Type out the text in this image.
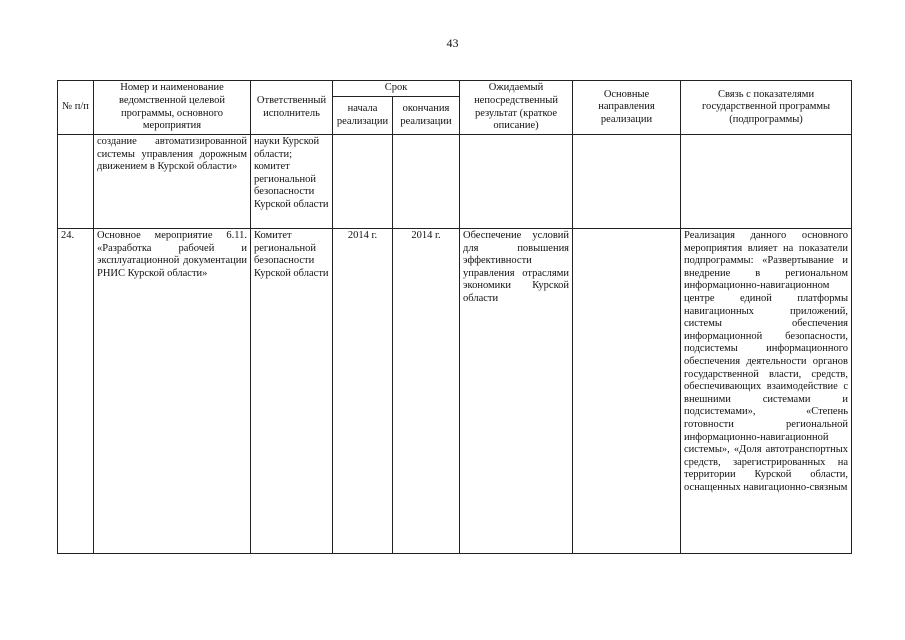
43
№ п/п	Номер и наименование ведомственной целевой программы, основного мероприятия	Ответственный исполнитель	Срок		Ожидаемый непосредственный результат (краткое описание)	Основные направления реализации	Связь с показателями государственной программы (подпрограммы)
			начала реализации	окончания реализации			
	создание автоматизированной системы управления дорожным движением в Курской области»	науки Курской области; комитет региональной безопасности Курской области					
24.	Основное мероприятие 6.11. «Разработка рабочей и эксплуатационной документации РНИС Курской области»	Комитет региональной безопасности Курской области	2014 г.	2014 г.	Обеспечение условий для повышения эффективности управления отраслями экономики Курской области		Реализация данного основного мероприятия влияет на показатели подпрограммы: «Развертывание и внедрение в региональном информационно-навигационном центре единой платформы навигационных приложений, системы обеспечения информационной безопасности, подсистемы информационного обеспечения деятельности органов государственной власти, средств, обеспечивающих взаимодействие с внешними системами и подсистемами», «Степень готовности региональной информационно-навигационной системы», «Доля автотранспортных средств, зарегистрированных на территории Курской области, оснащенных навигационно-связным
